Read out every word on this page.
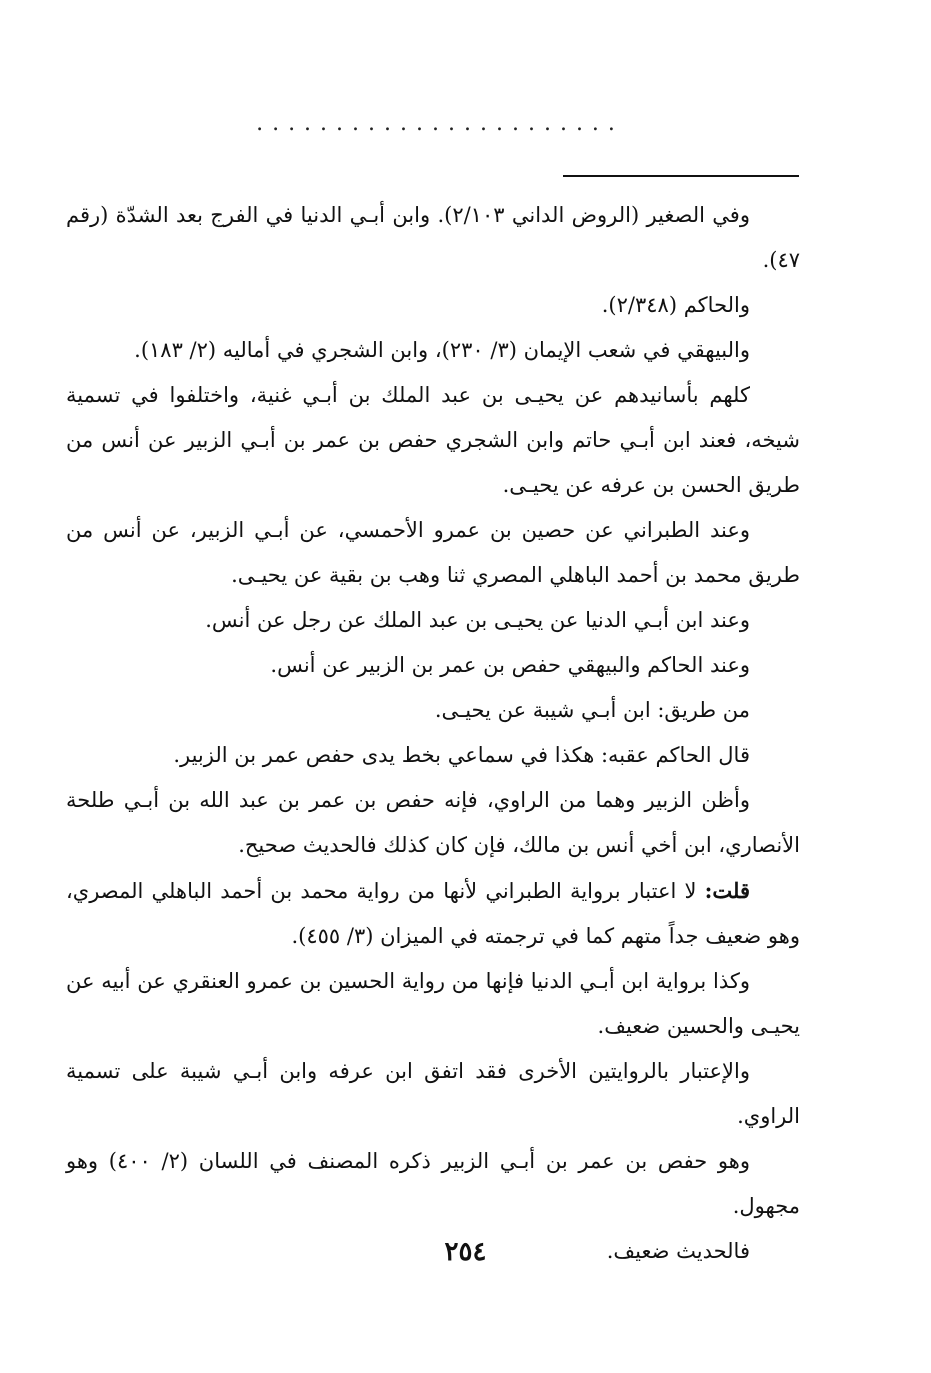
.......................

وفي الصغير (الروض الداني ٢/١٠٣). وابن أبـي الدنيا في الفرج بعد الشدّة (رقم ٤٧).

والحاكم (٢/٣٤٨).

والبيهقي في شعب الإيمان (٣/ ٢٣٠)، وابن الشجري في أماليه (٢/ ١٨٣).

كلهم بأسانيدهم عن يحيـى بن عبد الملك بن أبـي غنية، واختلفوا في تسمية شيخه، فعند ابن أبـي حاتم وابن الشجري حفص بن عمر بن أبـي الزبير عن أنس من طريق الحسن بن عرفه عن يحيـى.

وعند الطبراني عن حصين بن عمرو الأحمسي، عن أبـي الزبير، عن أنس من طريق محمد بن أحمد الباهلي المصري ثنا وهب بن بقية عن يحيـى.

وعند ابن أبـي الدنيا عن يحيـى بن عبد الملك عن رجل عن أنس.

وعند الحاكم والبيهقي حفص بن عمر بن الزبير عن أنس.

من طريق: ابن أبـي شيبة عن يحيـى.

قال الحاكم عقبه: هكذا في سماعي بخط يدى حفص عمر بن الزبير.

وأظن الزبير وهما من الراوي، فإنه حفص بن عمر بن عبد الله بن أبـي طلحة الأنصاري، ابن أخي أنس بن مالك، فإن كان كذلك فالحديث صحيح.

قلت: لا اعتبار برواية الطبراني لأنها من رواية محمد بن أحمد الباهلي المصري، وهو ضعيف جداً متهم كما في ترجمته في الميزان (٣/ ٤٥٥).

وكذا برواية ابن أبـي الدنيا فإنها من رواية الحسين بن عمرو العنقري عن أبيه عن يحيـى والحسين ضعيف.

والإعتبار بالروايتين الأخرى فقد اتفق ابن عرفه وابن أبـي شيبة على تسمية الراوي.

وهو حفص بن عمر بن أبـي الزبير ذكره المصنف في اللسان (٢/ ٤٠٠) وهو مجهول.

فالحديث ضعيف.

٢٥٤
